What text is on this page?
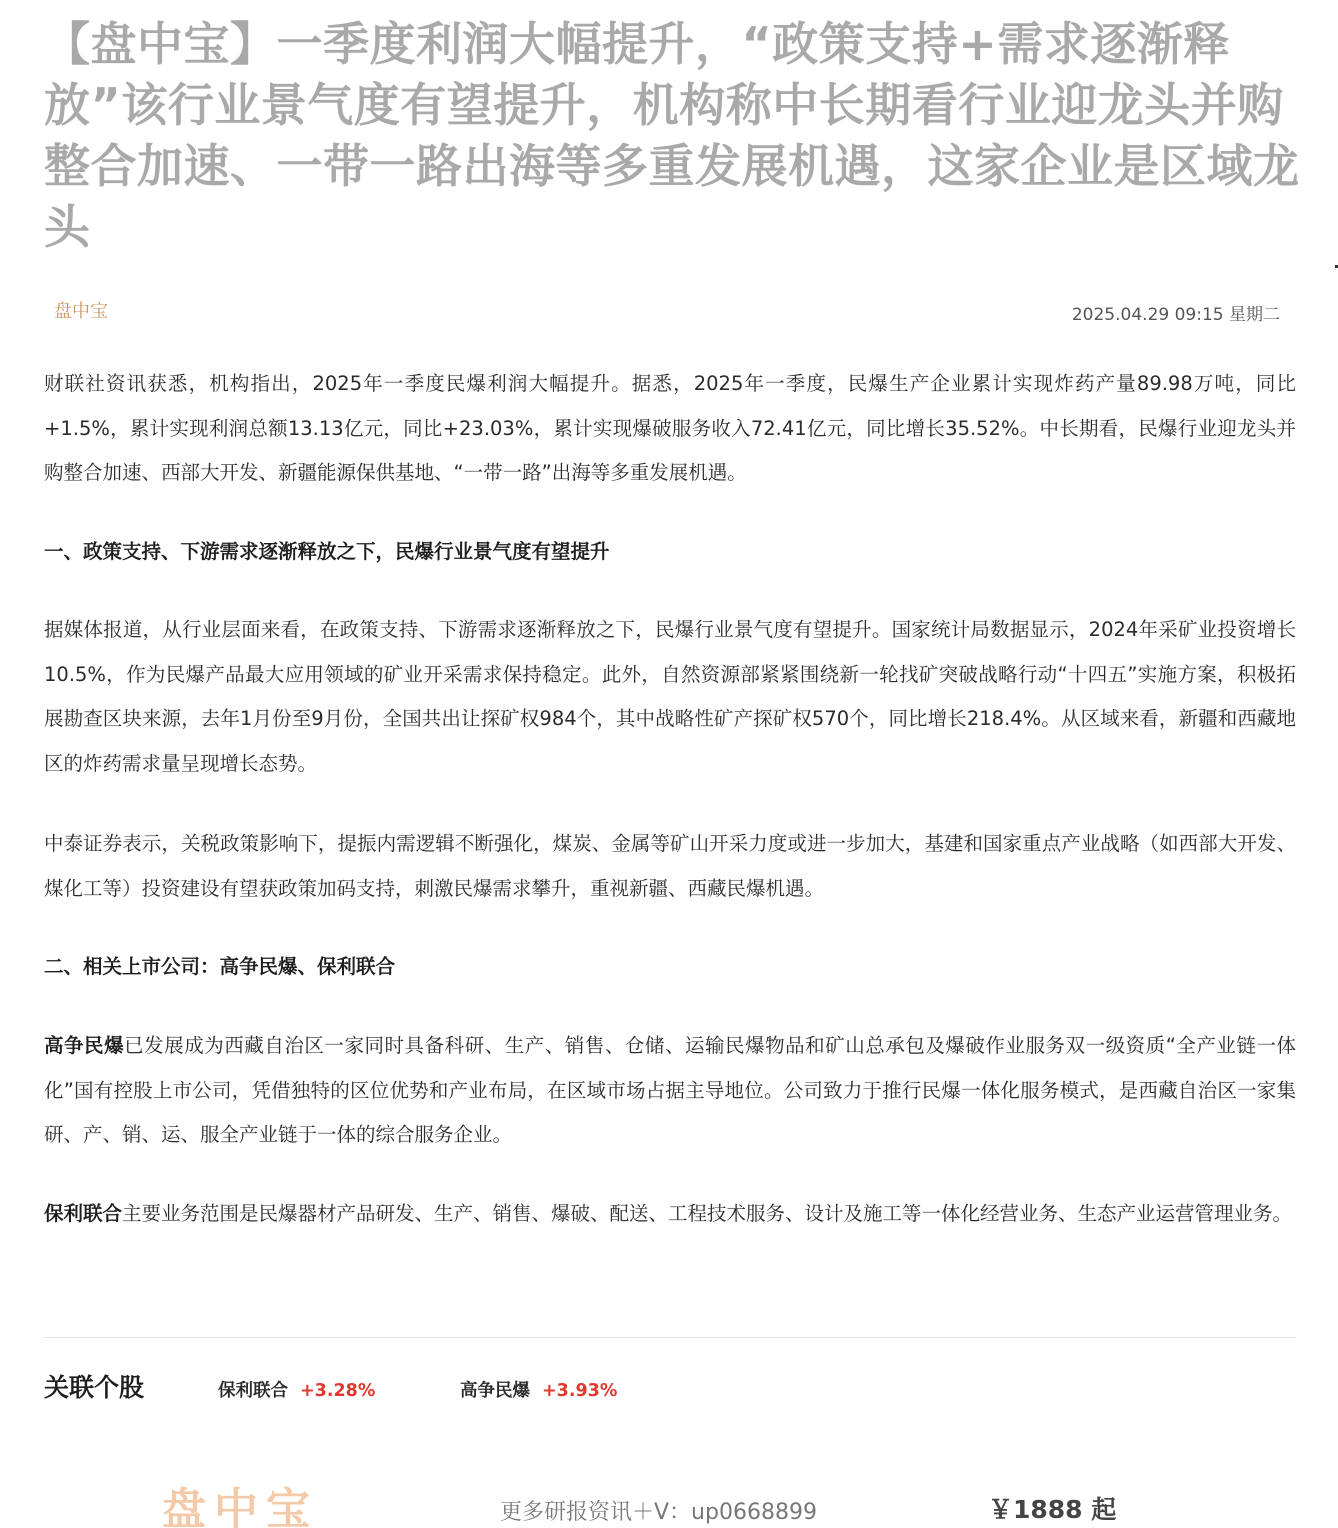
【盘中宝】一季度利润大幅提升，“政策支持+需求逐渐释放”该行业景气度有望提升，机构称中长期看行业迎龙头并购整合加速、一带一路出海等多重发展机遇，这家企业是区域龙头
盘中宝	2025.04.29 09:15 星期二

财联社资讯获悉，机构指出，2025年一季度民爆利润大幅提升。据悉，2025年一季度，民爆生产企业累计实现炸药产量89.98万吨，同比+1.5%，累计实现利润总额13.13亿元，同比+23.03%，累计实现爆破服务收入72.41亿元，同比增长35.52%。中长期看，民爆行业迎龙头并购整合加速、西部大开发、新疆能源保供基地、“一带一路”出海等多重发展机遇。

一、政策支持、下游需求逐渐释放之下，民爆行业景气度有望提升

据媒体报道，从行业层面来看，在政策支持、下游需求逐渐释放之下，民爆行业景气度有望提升。国家统计局数据显示，2024年采矿业投资增长10.5%，作为民爆产品最大应用领域的矿业开采需求保持稳定。此外，自然资源部紧紧围绕新一轮找矿突破战略行动“十四五”实施方案，积极拓展勘查区块来源，去年1月份至9月份，全国共出让探矿权984个，其中战略性矿产探矿权570个，同比增长218.4%。从区域来看，新疆和西藏地区的炸药需求量呈现增长态势。

中泰证券表示，关税政策影响下，提振内需逻辑不断强化，煤炭、金属等矿山开采力度或进一步加大，基建和国家重点产业战略（如西部大开发、煤化工等）投资建设有望获政策加码支持，刺激民爆需求攀升，重视新疆、西藏民爆机遇。

二、相关上市公司：高争民爆、保利联合

高争民爆已发展成为西藏自治区一家同时具备科研、生产、销售、仓储、运输民爆物品和矿山总承包及爆破作业服务双一级资质“全产业链一体化”国有控股上市公司，凭借独特的区位优势和产业布局，在区域市场占据主导地位。公司致力于推行民爆一体化服务模式，是西藏自治区一家集研、产、销、运、服全产业链于一体的综合服务企业。

保利联合主要业务范围是民爆器材产品研发、生产、销售、爆破、配送、工程技术服务、设计及施工等一体化经营业务、生态产业运营管理业务。

关联个股	保利联合 +3.28%	高争民爆 +3.93%
盘中宝	更多研报资讯＋V：up0668899	￥1888 起
